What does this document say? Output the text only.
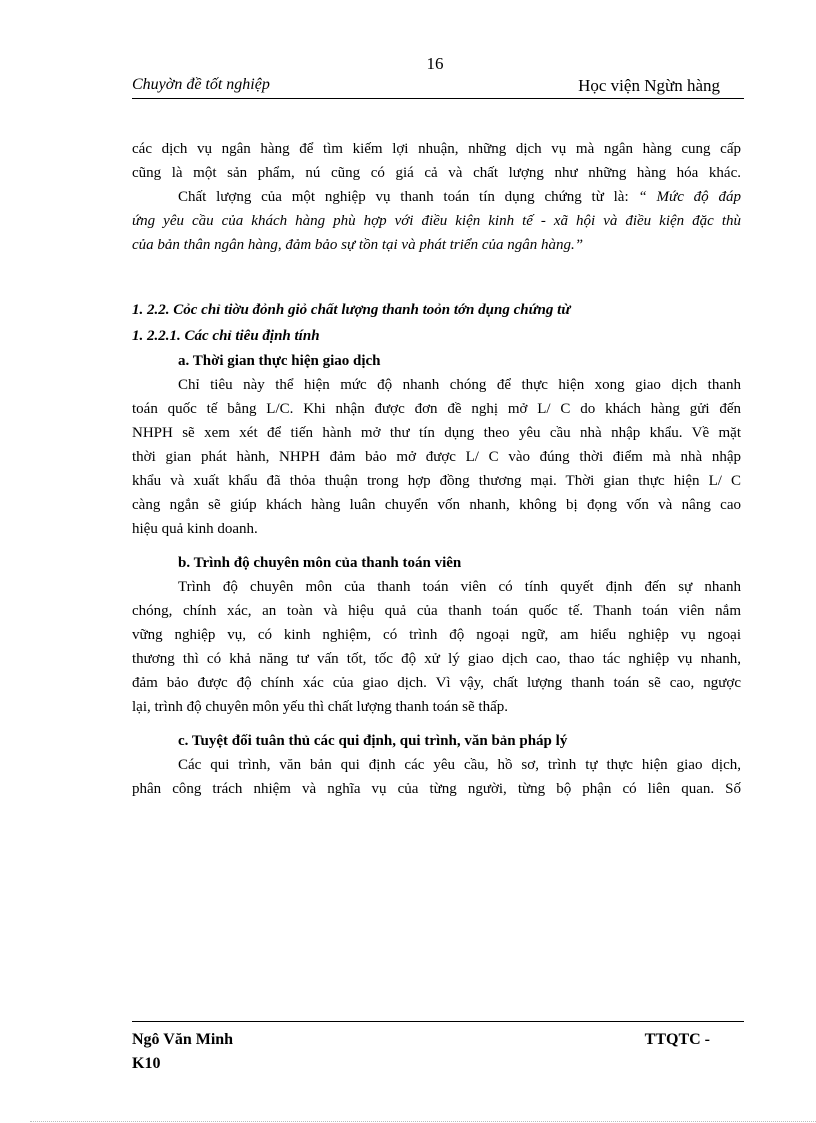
16
Chuyờn đề tốt nghiệp	Học viện Ngừn hàng
các dịch vụ ngân hàng để tìm kiếm lợi nhuận, những dịch vụ mà ngân hàng cung cấp
cũng là một sản phẩm, nú cũng có giá cả và chất lượng như những hàng hóa khác.
Chất lượng của một nghiệp vụ thanh toán tín dụng chứng từ là: “ Mức độ đáp
ứng yêu cầu của khách hàng phù hợp với điều kiện kinh tế - xã hội và điều kiện đặc thù
của bản thân ngân hàng, đảm bảo sự tồn tại và phát triển của ngân hàng.”
1. 2.2. Cỏc chỉ tiờu đỏnh giỏ chất lượng thanh toỏn tớn dụng chứng từ
1. 2.2.1. Các chỉ tiêu định tính
a. Thời gian thực hiện giao dịch
Chỉ tiêu này thể hiện mức độ nhanh chóng để thực hiện xong giao dịch thanh
toán quốc tế bằng L/C. Khi nhận được đơn đề nghị mở L/ C do khách hàng gửi đến
NHPH sẽ xem xét để tiến hành mở thư tín dụng theo yêu cầu nhà nhập khẩu. Về mặt
thời gian phát hành, NHPH đảm bảo mở được L/ C vào đúng thời điểm mà nhà nhập
khẩu và xuất khẩu đã thỏa thuận trong hợp đồng thương mại. Thời gian thực hiện L/ C
càng ngắn sẽ giúp khách hàng luân chuyển vốn nhanh, không bị đọng vốn và nâng cao
hiệu quả kinh doanh.
b. Trình độ chuyên môn của thanh toán viên
Trình độ chuyên môn của thanh toán viên có tính quyết định đến sự nhanh
chóng, chính xác, an toàn và hiệu quả của thanh toán quốc tế. Thanh toán viên nắm
vững nghiệp vụ, có kinh nghiệm, có trình độ ngoại ngữ, am hiểu nghiệp vụ ngoại
thương thì có khả năng tư vấn tốt, tốc độ xử lý giao dịch cao, thao tác nghiệp vụ nhanh,
đảm bảo được độ chính xác của giao dịch. Vì vậy, chất lượng thanh toán sẽ cao, ngược
lại, trình độ chuyên môn yếu thì chất lượng thanh toán sẽ thấp.
c. Tuyệt đối tuân thủ các qui định, qui trình, văn bản pháp lý
Các qui trình, văn bản qui định các yêu cầu, hồ sơ, trình tự thực hiện giao dịch,
phân công trách nhiệm và nghĩa vụ của từng người, từng bộ phận có liên quan. Số
Ngô Văn Minh
K10
TTQTC -
